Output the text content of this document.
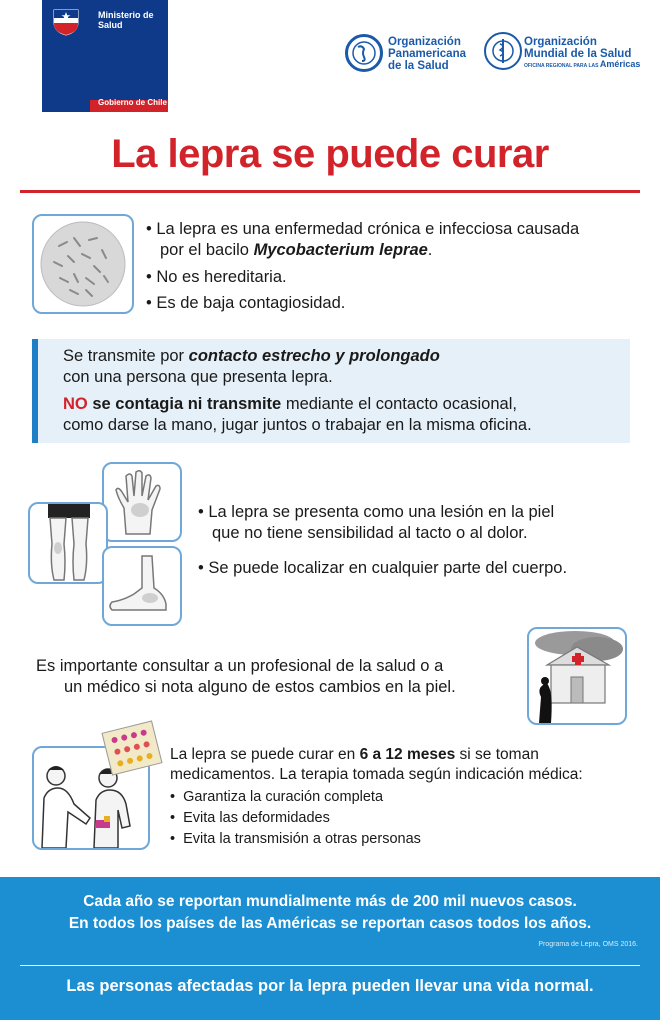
Ministerio de
Salud
Gobierno de Chile
Organización
Panamericana
de la Salud
Organización
Mundial de la Salud
OFICINA REGIONAL PARA LAS Américas
La lepra se puede curar
• La lepra es una enfermedad crónica e infecciosa causada
por el bacilo Mycobacterium leprae.
• No es hereditaria.
• Es de baja contagiosidad.
Se transmite por contacto estrecho y prolongado
con una persona que presenta lepra.
NO se contagia ni transmite mediante el contacto ocasional,
como darse la mano, jugar juntos o trabajar en la misma oficina.
• La lepra se presenta como una lesión en la piel
que no tiene sensibilidad al tacto o al dolor.
• Se puede localizar en cualquier parte del cuerpo.
Es importante consultar a un profesional de la salud o a
un médico si nota alguno de estos cambios en la piel.
La lepra se puede curar en 6 a 12 meses si se toman
medicamentos. La terapia tomada según indicación médica:
•  Garantiza la curación completa
•  Evita las deformidades
•  Evita la transmisión a otras personas
Cada año se reportan mundialmente más de 200 mil nuevos casos.
En todos los países de las Américas se reportan casos todos los años.
Programa de Lepra, OMS 2016.
Las personas afectadas por la lepra pueden llevar una vida normal.
